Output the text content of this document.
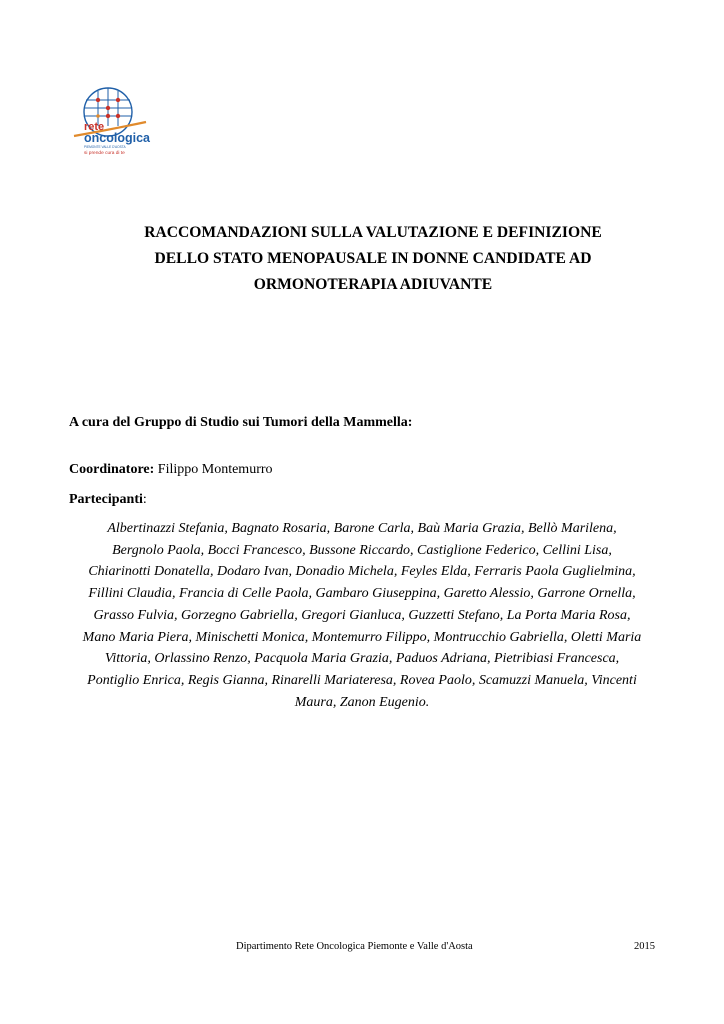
rete
oncologica
PIEMONTE VALLE D'AOSTA
si prende cura di te
RACCOMANDAZIONI SULLA VALUTAZIONE E DEFINIZIONE
DELLO STATO MENOPAUSALE IN DONNE CANDIDATE AD
ORMONOTERAPIA ADIUVANTE
A cura del Gruppo di Studio sui Tumori della Mammella:
Coordinatore: Filippo Montemurro
Partecipanti:
Albertinazzi Stefania, Bagnato Rosaria, Barone Carla, Baù Maria Grazia, Bellò Marilena,
Bergnolo Paola, Bocci Francesco, Bussone Riccardo, Castiglione Federico, Cellini Lisa,
Chiarinotti Donatella, Dodaro Ivan, Donadio Michela, Feyles Elda, Ferraris Paola Guglielmina,
Fillini Claudia, Francia di Celle Paola, Gambaro Giuseppina, Garetto Alessio, Garrone Ornella,
Grasso Fulvia, Gorzegno Gabriella, Gregori Gianluca, Guzzetti Stefano, La Porta Maria Rosa,
Mano Maria Piera, Minischetti Monica, Montemurro Filippo, Montrucchio Gabriella, Oletti Maria
Vittoria, Orlassino Renzo, Pacquola Maria Grazia, Paduos Adriana, Pietribiasi Francesca,
Pontiglio Enrica, Regis Gianna, Rinarelli Mariateresa, Rovea Paolo, Scamuzzi Manuela, Vincenti
Maura, Zanon Eugenio.
Dipartimento Rete Oncologica Piemonte e Valle d'Aosta	2015
